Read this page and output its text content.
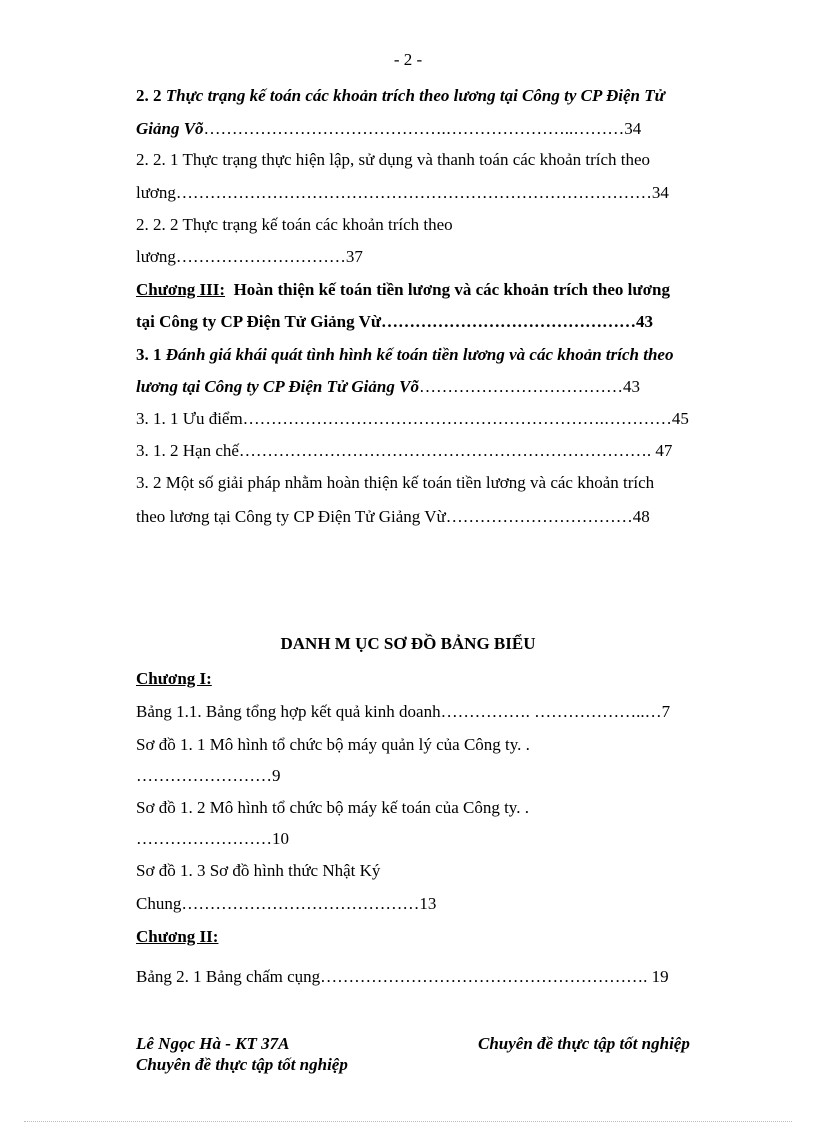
- 2 -
2. 2 Thực trạng kế toán các khoản trích theo lương tại Công ty CP Điện Tử
Giảng Võ…………………………………….…………………..………34
2. 2. 1 Thực trạng thực hiện lập, sử dụng và thanh toán các khoản trích theo
lương…………………………………………………………………………34
2. 2. 2 Thực trạng kế toán các khoản trích theo
lương…………………………37
Chương III: Hoàn thiện kế toán tiền lương và các khoản trích theo lương
tại Công ty CP Điện Tử Giảng Vừ………………………………………43
3. 1 Đánh giá khái quát tình hình kế toán tiền lương và các khoản trích theo
lương tại Công ty CP Điện Tử Giảng Võ………………………………43
3. 1. 1 Ưu điểm……………………………………………………….…………45
3. 1. 2 Hạn chế………………………………………………………………. 47
3. 2 Một số giải pháp nhằm hoàn thiện kế toán tiền lương và các khoản trích
theo lương tại Công ty CP Điện Tử Giảng Vừ……………………………48
DANH M ỤC SƠ ĐỒ BẢNG BIỂU
Chương I:
Bảng 1.1. Bảng tổng hợp kết quả kinh doanh……………. ………………..…7
Sơ đồ 1. 1 Mô hình tổ chức bộ máy quản lý của Công ty. .
……………………9
Sơ đồ 1. 2 Mô hình tổ chức bộ máy kế toán của Công ty. .
……………………10
Sơ đồ 1. 3 Sơ đồ hình thức Nhật Ký
Chung……………………………………13
Chương II:
Bảng 2. 1 Bảng chấm cụng…………………………………………………. 19
Lê Ngọc Hà - KT 37A	Chuyên đề thực tập tốt nghiệp
Chuyên đề thực tập tốt nghiệp
